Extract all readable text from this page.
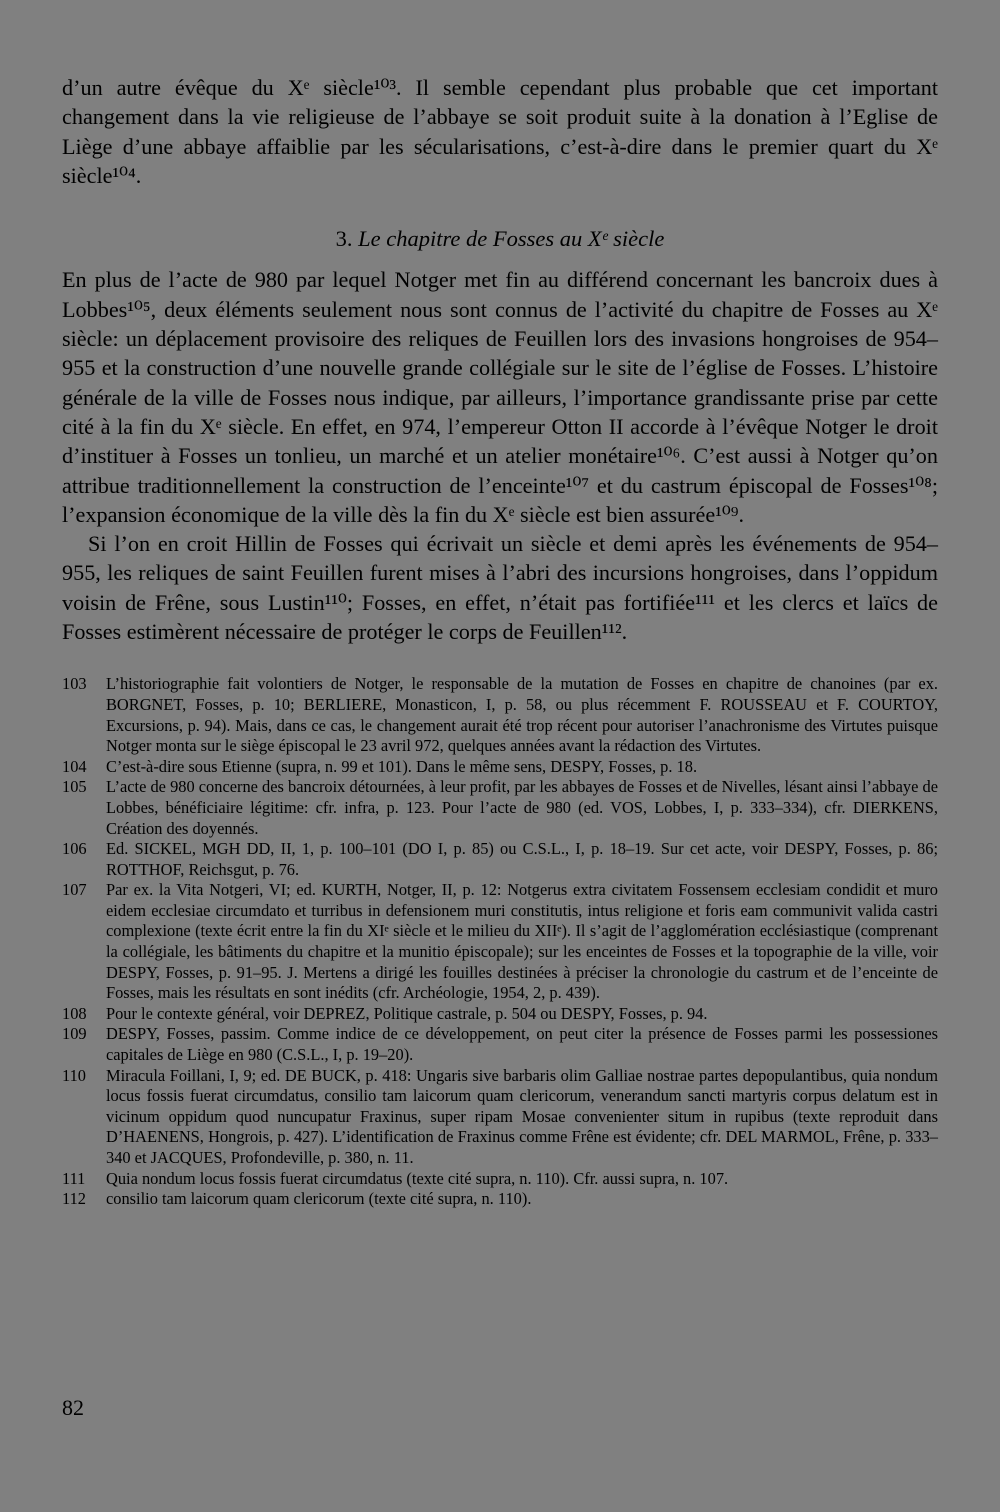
d’un autre évêque du Xᵉ siècle¹⁰³. Il semble cependant plus probable que cet important changement dans la vie religieuse de l’abbaye se soit produit suite à la donation à l’Eglise de Liège d’une abbaye affaiblie par les sécularisations, c’est-à-dire dans le premier quart du Xᵉ siècle¹⁰⁴.

3. Le chapitre de Fosses au Xᵉ siècle

En plus de l’acte de 980 par lequel Notger met fin au différend concernant les bancroix dues à Lobbes¹⁰⁵, deux éléments seulement nous sont connus de l’activité du chapitre de Fosses au Xᵉ siècle: un déplacement provisoire des reliques de Feuillen lors des invasions hongroises de 954–955 et la construction d’une nouvelle grande collégiale sur le site de l’église de Fosses. L’histoire générale de la ville de Fosses nous indique, par ailleurs, l’importance grandissante prise par cette cité à la fin du Xᵉ siècle. En effet, en 974, l’empereur Otton II accorde à l’évêque Notger le droit d’instituer à Fosses un tonlieu, un marché et un atelier monétaire¹⁰⁶. C’est aussi à Notger qu’on attribue traditionnellement la construction de l’enceinte¹⁰⁷ et du castrum épiscopal de Fosses¹⁰⁸; l’expansion économique de la ville dès la fin du Xᵉ siècle est bien assurée¹⁰⁹.

Si l’on en croit Hillin de Fosses qui écrivait un siècle et demi après les événements de 954–955, les reliques de saint Feuillen furent mises à l’abri des incursions hongroises, dans l’oppidum voisin de Frêne, sous Lustin¹¹⁰; Fosses, en effet, n’était pas fortifiée¹¹¹ et les clercs et laïcs de Fosses estimèrent nécessaire de protéger le corps de Feuillen¹¹².

103	L’historiographie fait volontiers de Notger, le responsable de la mutation de Fosses en chapitre de chanoines (par ex. BORGNET, Fosses, p. 10; BERLIERE, Monasticon, I, p. 58, ou plus récemment F. ROUSSEAU et F. COURTOY, Excursions, p. 94). Mais, dans ce cas, le changement aurait été trop récent pour autoriser l’anachronisme des Virtutes puisque Notger monta sur le siège épiscopal le 23 avril 972, quelques années avant la rédaction des Virtutes.
104	C’est-à-dire sous Etienne (supra, n. 99 et 101). Dans le même sens, DESPY, Fosses, p. 18.
105	L’acte de 980 concerne des bancroix détournées, à leur profit, par les abbayes de Fosses et de Nivelles, lésant ainsi l’abbaye de Lobbes, bénéficiaire légitime: cfr. infra, p. 123. Pour l’acte de 980 (ed. VOS, Lobbes, I, p. 333–334), cfr. DIERKENS, Création des doyennés.
106	Ed. SICKEL, MGH DD, II, 1, p. 100–101 (DO I, p. 85) ou C.S.L., I, p. 18–19. Sur cet acte, voir DESPY, Fosses, p. 86; ROTTHOF, Reichsgut, p. 76.
107	Par ex. la Vita Notgeri, VI; ed. KURTH, Notger, II, p. 12: Notgerus extra civitatem Fossensem ecclesiam condidit et muro eidem ecclesiae circumdato et turribus in defensionem muri constitutis, intus religione et foris eam communivit valida castri complexione (texte écrit entre la fin du XIᵉ siècle et le milieu du XIIᵉ). Il s’agit de l’agglomération ecclésiastique (comprenant la collégiale, les bâtiments du chapitre et la munitio épiscopale); sur les enceintes de Fosses et la topographie de la ville, voir DESPY, Fosses, p. 91–95. J. Mertens a dirigé les fouilles destinées à préciser la chronologie du castrum et de l’enceinte de Fosses, mais les résultats en sont inédits (cfr. Archéologie, 1954, 2, p. 439).
108	Pour le contexte général, voir DEPREZ, Politique castrale, p. 504 ou DESPY, Fosses, p. 94.
109	DESPY, Fosses, passim. Comme indice de ce développement, on peut citer la présence de Fosses parmi les possessiones capitales de Liège en 980 (C.S.L., I, p. 19–20).
110	Miracula Foillani, I, 9; ed. DE BUCK, p. 418: Ungaris sive barbaris olim Galliae nostrae partes depopulantibus, quia nondum locus fossis fuerat circumdatus, consilio tam laicorum quam clericorum, venerandum sancti martyris corpus delatum est in vicinum oppidum quod nuncupatur Fraxinus, super ripam Mosae convenienter situm in rupibus (texte reproduit dans D’HAENENS, Hongrois, p. 427). L’identification de Fraxinus comme Frêne est évidente; cfr. DEL MARMOL, Frêne, p. 333–340 et JACQUES, Profondeville, p. 380, n. 11.
111	Quia nondum locus fossis fuerat circumdatus (texte cité supra, n. 110). Cfr. aussi supra, n. 107.
112	consilio tam laicorum quam clericorum (texte cité supra, n. 110).
82
